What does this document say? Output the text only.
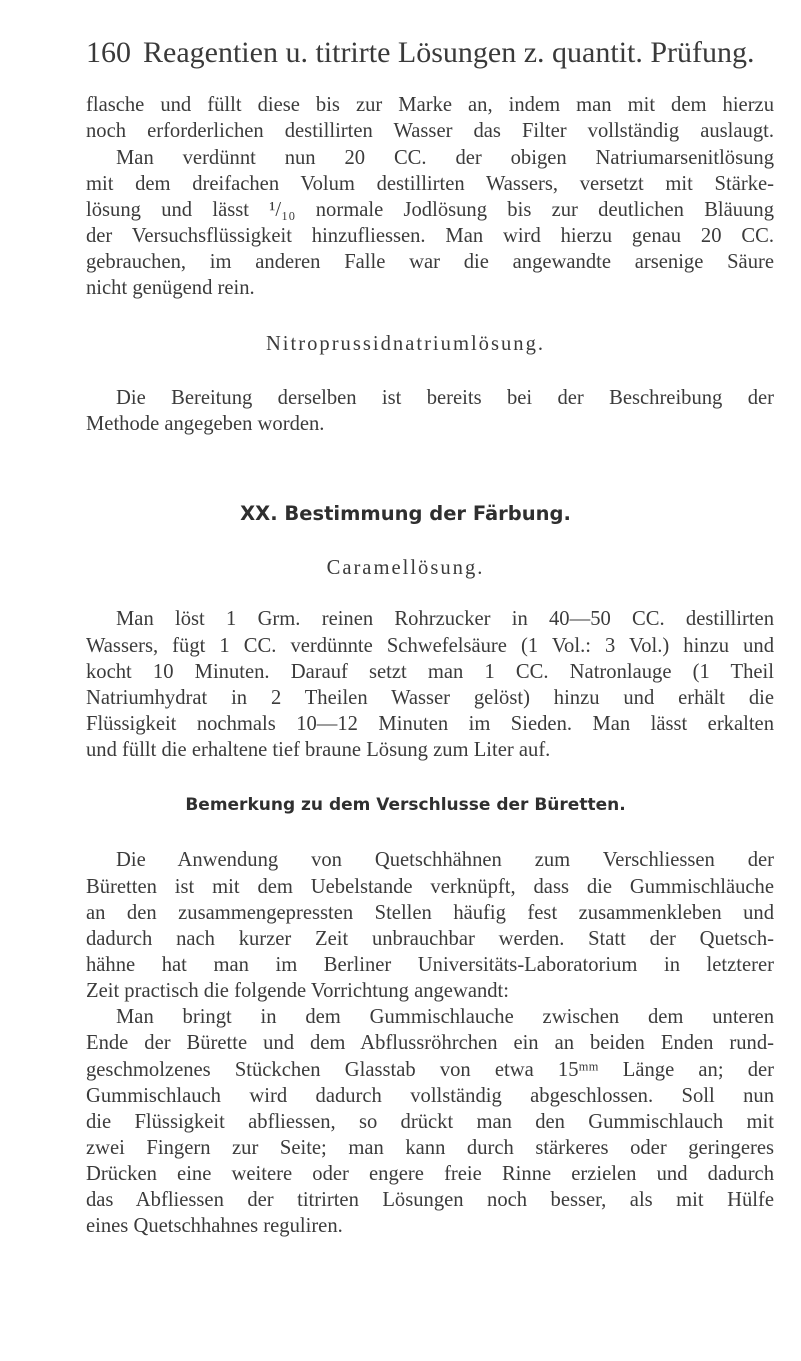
160 Reagentien u. titrirte Lösungen z. quantit. Prüfung.
flasche und füllt diese bis zur Marke an, indem man mit dem hierzu
noch erforderlichen destillirten Wasser das Filter vollständig auslaugt.
Man verdünnt nun 20 CC. der obigen Natriumarsenitlösung
mit dem dreifachen Volum destillirten Wassers, versetzt mit Stärke-
lösung und lässt ¹/₁₀ normale Jodlösung bis zur deutlichen Bläuung
der Versuchsflüssigkeit hinzufliessen. Man wird hierzu genau 20 CC.
gebrauchen, im anderen Falle war die angewandte arsenige Säure
nicht genügend rein.
Nitroprussidnatriumlösung.
Die Bereitung derselben ist bereits bei der Beschreibung der
Methode angegeben worden.
XX. Bestimmung der Färbung.
Caramellösung.
Man löst 1 Grm. reinen Rohrzucker in 40—50 CC. destillirten
Wassers, fügt 1 CC. verdünnte Schwefelsäure (1 Vol.: 3 Vol.) hinzu und
kocht 10 Minuten. Darauf setzt man 1 CC. Natronlauge (1 Theil
Natriumhydrat in 2 Theilen Wasser gelöst) hinzu und erhält die
Flüssigkeit nochmals 10—12 Minuten im Sieden. Man lässt erkalten
und füllt die erhaltene tief braune Lösung zum Liter auf.
Bemerkung zu dem Verschlusse der Büretten.
Die Anwendung von Quetschhähnen zum Verschliessen der
Büretten ist mit dem Uebelstande verknüpft, dass die Gummischläuche
an den zusammengepressten Stellen häufig fest zusammenkleben und
dadurch nach kurzer Zeit unbrauchbar werden. Statt der Quetsch-
hähne hat man im Berliner Universitäts-Laboratorium in letzterer
Zeit practisch die folgende Vorrichtung angewandt:
Man bringt in dem Gummischlauche zwischen dem unteren
Ende der Bürette und dem Abflussröhrchen ein an beiden Enden rund-
geschmolzenes Stückchen Glasstab von etwa 15ᵐᵐ Länge an; der
Gummischlauch wird dadurch vollständig abgeschlossen. Soll nun
die Flüssigkeit abfliessen, so drückt man den Gummischlauch mit
zwei Fingern zur Seite; man kann durch stärkeres oder geringeres
Drücken eine weitere oder engere freie Rinne erzielen und dadurch
das Abfliessen der titrirten Lösungen noch besser, als mit Hülfe
eines Quetschhahnes reguliren.
